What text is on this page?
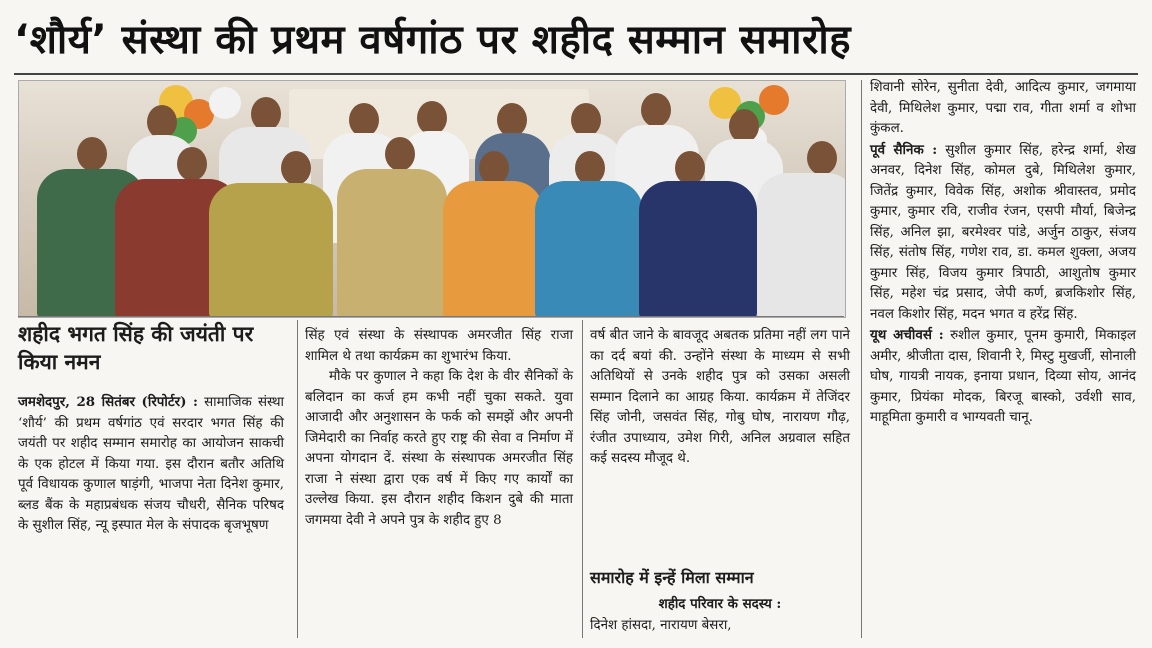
‘शौर्य’ संस्था की प्रथम वर्षगांठ पर शहीद सम्मान समारोह
शहीद भगत सिंह की जयंती पर किया नमन

जमशेदपुर, 28 सितंबर (रिपोर्टर) : सामाजिक संस्था ‘शौर्य’ की प्रथम वर्षगांठ एवं सरदार भगत सिंह की जयंती पर शहीद सम्मान समारोह का आयोजन साकची के एक होटल में किया गया. इस दौरान बतौर अतिथि पूर्व विधायक कुणाल षाड़ंगी, भाजपा नेता दिनेश कुमार, ब्लड बैंक के महाप्रबंधक संजय चौधरी, सैनिक परिषद के सुशील सिंह, न्यू इस्पात मेल के संपादक बृजभूषण

सिंह एवं संस्था के संस्थापक अमरजीत सिंह राजा शामिल थे तथा कार्यक्रम का शुभारंभ किया.

मौके पर कुणाल ने कहा कि देश के वीर सैनिकों के बलिदान का कर्ज हम कभी नहीं चुका सकते. युवा आजादी और अनुशासन के फर्क को समझें और अपनी जिमेदारी का निर्वाह करते हुए राष्ट्र की सेवा व निर्माण में अपना योगदान दें. संस्था के संस्थापक अमरजीत सिंह राजा ने संस्था द्वारा एक वर्ष में किए गए कार्यों का उल्लेख किया. इस दौरान शहीद किशन दुबे की माता जगमया देवी ने अपने पुत्र के शहीद हुए 8

वर्ष बीत जाने के बावजूद अबतक प्रतिमा नहीं लग पाने का दर्द बयां की. उन्होंने संस्था के माध्यम से सभी अतिथियों से उनके शहीद पुत्र को उसका असली सम्मान दिलाने का आग्रह किया. कार्यक्रम में तेजिंदर सिंह जोनी, जसवंत सिंह, गोबु घोष, नारायण गौढ़, रंजीत उपाध्याय, उमेश गिरी, अनिल अग्रवाल सहित कई सदस्य मौजूद थे.

समारोह में इन्हें मिला सम्मान

शहीद परिवार के सदस्य :

दिनेश हांसदा, नारायण बेसरा,

शिवानी सोरेन, सुनीता देवी, आदित्य कुमार, जगमाया देवी, मिथिलेश कुमार, पद्मा राव, गीता शर्मा व शोभा कुंकल.

पूर्व सैनिक : सुशील कुमार सिंह, हरेन्द्र शर्मा, शेख अनवर, दिनेश सिंह, कोमल दुबे, मिथिलेश कुमार, जितेंद्र कुमार, विवेक सिंह, अशोक श्रीवास्तव, प्रमोद कुमार, कुमार रवि, राजीव रंजन, एसपी मौर्या, बिजेन्द्र सिंह, अनिल झा, बरमेश्वर पांडे, अर्जुन ठाकुर, संजय सिंह, संतोष सिंह, गणेश राव, डा. कमल शुक्ला, अजय कुमार सिंह, विजय कुमार त्रिपाठी, आशुतोष कुमार सिंह, महेश चंद्र प्रसाद, जेपी कर्ण, ब्रजकिशोर सिंह, नवल किशोर सिंह, मदन भगत व हरेंद्र सिंह.

यूथ अचीवर्स : रुशील कुमार, पूनम कुमारी, मिकाइल अमीर, श्रीजीता दास, शिवानी रे, मिस्टु मुखर्जी, सोनाली घोष, गायत्री नायक, इनाया प्रधान, दिव्या सोय, आनंद कुमार, प्रियंका मोदक, बिरजू बास्को, उर्वशी साव, माहूमिता कुमारी व भाग्यवती चानू.
